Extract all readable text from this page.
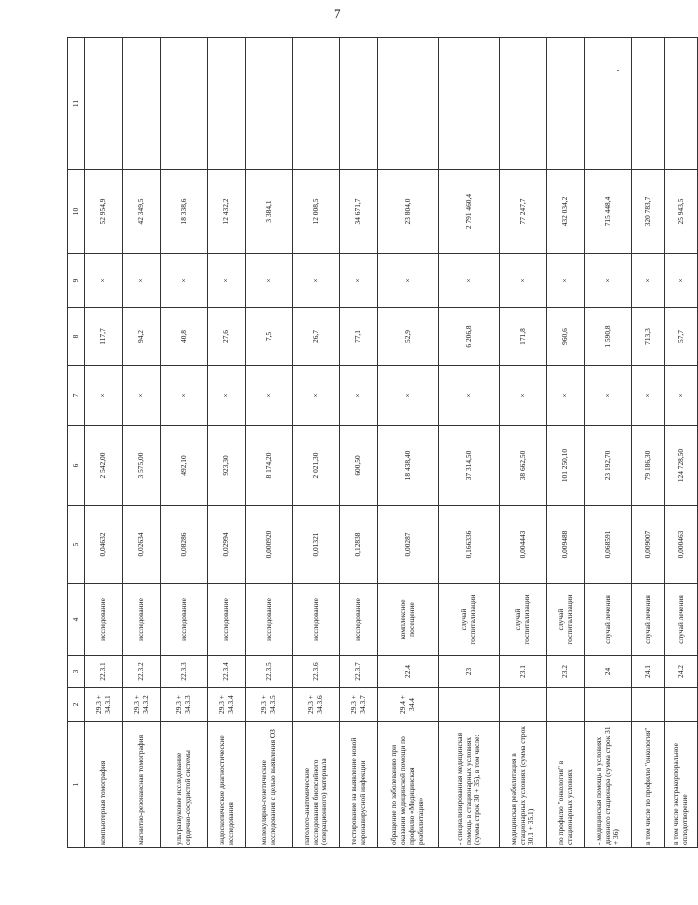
7
1	2	3	4	5	6	7	8	9	10	11
компьютерная томография	29.3 + 34.3.1	22.3.1	исследование	0,04632	2 542,00	×	117,7	×	52 954,9	
магнитно-резонансная томография	29.3 + 34.3.2	22.3.2	исследование	0,02634	3 575,00	×	94,2	×	42 349,5	
ультразвуковое исследование сердечно-сосудистой системы	29.3 + 34.3.3	22.3.3	исследование	0,08286	492,10	×	40,8	×	18 338,6	
эндоскопические диагностические исследования	29.3 + 34.3.4	22.3.4	исследование	0,02994	923,30	×	27,6	×	12 432,2	
молекулярно-генетические исследования с целью выявления ОЗ	29.3 + 34.3.5	22.3.5	исследование	0,000920	8 174,20	×	7,5	×	3 384,1	
патолого-анатомические исследования биопсийного (операционного) материала	29.3 + 34.3.6	22.3.6	исследование	0,01321	2 021,30	×	26,7	×	12 008,5	
тестирование на выявление новой коронавирусной инфекции	29.3 + 34.3.7	22.3.7	исследование	0,12838	600,50	×	77,1	×	34 671,7	
обращение по заболеванию при оказании медицинской помощи по профилю «Медицинская реабилитация»	29.4 + 34.4	22.4	комплексное посещение	0,00287	18 438,40	×	52,9	×	23 804,0	
- специализированная медицинская помощь в стационарных условиях (сумма строк 30 + 35), в том числе:		23	случай госпитализации	0,166336	37 314,50	×	6 206,8	×	2 791 460,4	
медицинская реабилитация в стационарных условиях (сумма строк 30.1 + 35.1)		23.1	случай госпитализации	0,004443	38 662,50	×	171,8	×	77 247,7	
по профилю "онкология" в стационарных условиях		23.2	случай госпитализации	0,009488	101 250,10	×	960,6	×	432 034,2	
- медицинская помощь в условиях дневного стационара (сумма строк 31 + 36)		24	случай лечения	0,068591	23 192,70	×	1 590,8	×	715 448,4	
в том числе по профилю "онкология"		24.1	случай лечения	0,009007	79 186,30	×	713,3	×	320 783,7	
в том числе экстракорпоральное оплодотворение		24.2	случай лечения	0,000463	124 728,50	×	57,7	×	25 943,5	
